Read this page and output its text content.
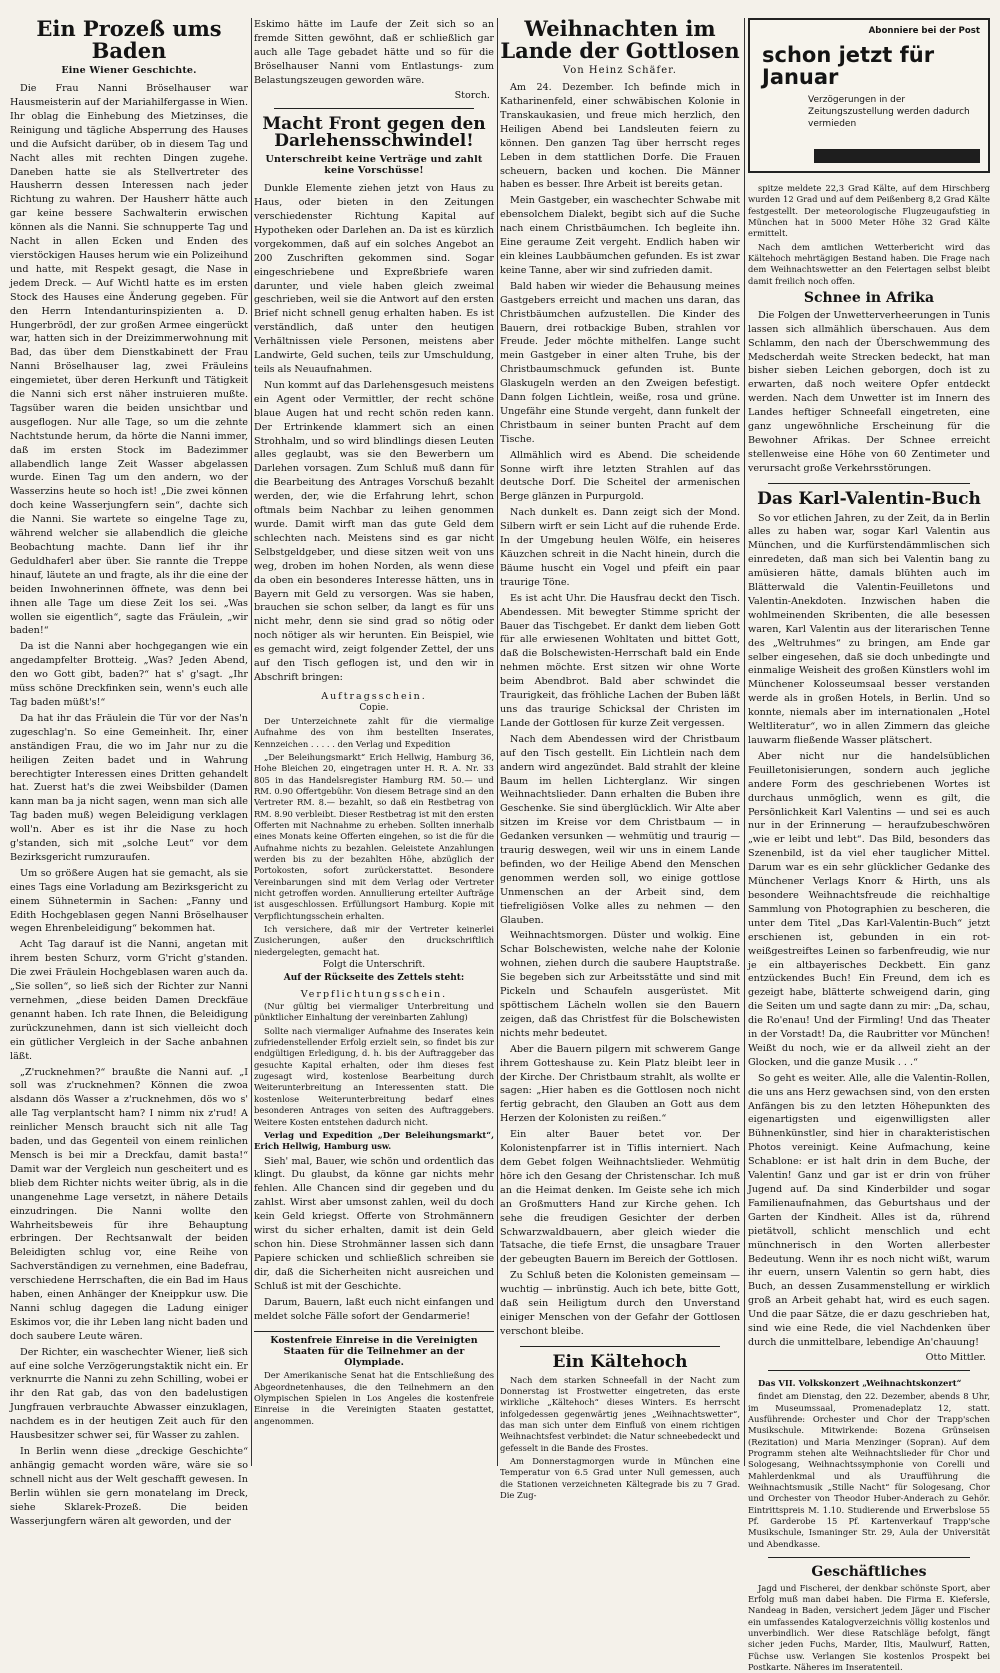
Ein Prozeß ums Baden
Eine Wiener Geschichte.

Die Frau Nanni Bröselhauser war Hausmeisterin auf der Mariahilfergasse in Wien. Ihr oblag die Einhebung des Mietzinses, die Reinigung und tägliche Absperrung des Hauses und die Aufsicht darüber, ob in diesem Tag und Nacht alles mit rechten Dingen zugehe. Daneben hatte sie als Stellvertreter des Hausherrn dessen Interessen nach jeder Richtung zu wahren. Der Hausherr hätte auch gar keine bessere Sachwalterin erwischen können als die Nanni. Sie schnupperte Tag und Nacht in allen Ecken und Enden des vierstöckigen Hauses herum wie ein Polizeihund und hatte, mit Respekt gesagt, die Nase in jedem Dreck. — Auf Wichtl hatte es im ersten Stock des Hauses eine Änderung gegeben. Für den Herrn Intendanturinspizienten a. D. Hungerbrödl, der zur großen Armee eingerückt war, hatten sich in der Dreizimmerwohnung mit Bad, das über dem Dienstkabinett der Frau Nanni Bröselhauser lag, zwei Fräuleins eingemietet, über deren Herkunft und Tätigkeit die Nanni sich erst näher instruieren mußte. Tagsüber waren die beiden unsichtbar und ausgeflogen. Nur alle Tage, so um die zehnte Nachtstunde herum, da hörte die Nanni immer, daß im ersten Stock im Badezimmer allabendlich lange Zeit Wasser abgelassen wurde. Einen Tag um den andern, wo der Wasserzins heute so hoch ist! „Die zwei können doch keine Wasserjungfern sein“, dachte sich die Nanni. Sie wartete so eingelne Tage zu, während welcher sie allabendlich die gleiche Beobachtung machte. Dann lief ihr ihr Geduldhaferl aber über. Sie rannte die Treppe hinauf, läutete an und fragte, als ihr die eine der beiden Inwohnerinnen öffnete, was denn bei ihnen alle Tage um diese Zeit los sei. „Was wollen sie eigentlich“, sagte das Fräulein, „wir baden!“

Da ist die Nanni aber hochgegangen wie ein angedampfelter Brotteig. „Was? Jeden Abend, den wo Gott gibt, baden?“ hat s' g'sagt. „Ihr müss schöne Dreckfinken sein, wenn's euch alle Tag baden müßt's!“

Da hat ihr das Fräulein die Tür vor der Nas'n zugeschlag'n. So eine Gemeinheit. Ihr, einer anständigen Frau, die wo im Jahr nur zu die heiligen Zeiten badet und in Wahrung berechtigter Interessen eines Dritten gehandelt hat. Zuerst hat's die zwei Weibsbilder (Damen kann man ba ja nicht sagen, wenn man sich alle Tag baden muß) wegen Beleidigung verklagen woll'n. Aber es ist ihr die Nase zu hoch g'standen, sich mit „solche Leut“ vor dem Bezirksgericht rumzuraufen.

Um so größere Augen hat sie gemacht, als sie eines Tags eine Vorladung am Bezirksgericht zu einem Sühnetermin in Sachen: „Fanny und Edith Hochgeblasen gegen Nanni Bröselhauser wegen Ehrenbeleidigung“ bekommen hat.

Acht Tag darauf ist die Nanni, angetan mit ihrem besten Schurz, vorm G'richt g'standen. Die zwei Fräulein Hochgeblasen waren auch da. „Sie sollen“, so ließ sich der Richter zur Nanni vernehmen, „diese beiden Damen Dreckfäue genannt haben. Ich rate Ihnen, die Beleidigung zurückzunehmen, dann ist sich vielleicht doch ein gütlicher Vergleich in der Sache anbahnen läßt.

„Z'rucknehmen?“ braußte die Nanni auf. „I soll was z'rucknehmen? Können die zwoa alsdann dös Wasser a z'rucknehmen, dös wo s' alle Tag verplantscht ham? I nimm nix z'rud! A reinlicher Mensch braucht sich nit alle Tag baden, und das Gegenteil von einem reinlichen Mensch is bei mir a Dreckfau, damit basta!“ Damit war der Vergleich nun gescheitert und es blieb dem Richter nichts weiter übrig, als in die unangenehme Lage versetzt, in nähere Details einzudringen. Die Nanni wollte den Wahrheitsbeweis für ihre Behauptung erbringen. Der Rechtsanwalt der beiden Beleidigten schlug vor, eine Reihe von Sachverständigen zu vernehmen, eine Badefrau, verschiedene Herrschaften, die ein Bad im Haus haben, einen Anhänger der Kneippkur usw. Die Nanni schlug dagegen die Ladung einiger Eskimos vor, die ihr Leben lang nicht baden und doch saubere Leute wären.

Der Richter, ein waschechter Wiener, ließ sich auf eine solche Verzögerungstaktik nicht ein. Er verknurrte die Nanni zu zehn Schilling, wobei er ihr den Rat gab, das von den badelustigen Jungfrauen verbrauchte Abwasser einzuklagen, nachdem es in der heutigen Zeit auch für den Hausbesitzer schwer sei, für Wasser zu zahlen.

In Berlin wenn diese „dreckige Geschichte“ anhängig gemacht worden wäre, wäre sie so schnell nicht aus der Welt geschafft gewesen. In Berlin wühlen sie gern monatelang im Dreck, siehe Sklarek-Prozeß. Die beiden Wasserjungfern wären alt geworden, und der

Eskimo hätte im Laufe der Zeit sich so an fremde Sitten gewöhnt, daß er schließlich gar auch alle Tage gebadet hätte und so für die Bröselhauser Nanni vom Entlastungs- zum Belastungszeugen geworden wäre.

Storch.
Macht Front gegen den Darlehensschwindel!
Unterschreibt keine Verträge und zahlt keine Vorschüsse!

Dunkle Elemente ziehen jetzt von Haus zu Haus, oder bieten in den Zeitungen verschiedenster Richtung Kapital auf Hypotheken oder Darlehen an. Da ist es kürzlich vorgekommen, daß auf ein solches Angebot an 200 Zuschriften gekommen sind. Sogar eingeschriebene und Expreßbriefe waren darunter, und viele haben gleich zweimal geschrieben, weil sie die Antwort auf den ersten Brief nicht schnell genug erhalten haben. Es ist verständlich, daß unter den heutigen Verhältnissen viele Personen, meistens aber Landwirte, Geld suchen, teils zur Umschuldung, teils als Neuaufnahmen.

Nun kommt auf das Darlehensgesuch meistens ein Agent oder Vermittler, der recht schöne blaue Augen hat und recht schön reden kann. Der Ertrinkende klammert sich an einen Strohhalm, und so wird blindlings diesen Leuten alles geglaubt, was sie den Bewerbern um Darlehen vorsagen. Zum Schluß muß dann für die Bearbeitung des Antrages Vorschuß bezahlt werden, der, wie die Erfahrung lehrt, schon oftmals beim Nachbar zu leihen genommen wurde. Damit wirft man das gute Geld dem schlechten nach. Meistens sind es gar nicht Selbstgeldgeber, und diese sitzen weit von uns weg, droben im hohen Norden, als wenn diese da oben ein besonderes Interesse hätten, uns in Bayern mit Geld zu versorgen. Was sie haben, brauchen sie schon selber, da langt es für uns nicht mehr, denn sie sind grad so nötig oder noch nötiger als wir herunten. Ein Beispiel, wie es gemacht wird, zeigt folgender Zettel, der uns auf den Tisch geflogen ist, und den wir in Abschrift bringen:

Auftragsschein.
Copie.

Der Unterzeichnete zahlt für die viermalige Aufnahme des von ihm bestellten Inserates, Kennzeichen . . . . . den Verlag und Expedition

„Der Beleihungsmarkt“ Erich Hellwig, Hamburg 36, Hohe Bleichen 20, eingetragen unter H. R. A. Nr. 33 805 in das Handelsregister Hamburg RM. 50.— und RM. 0.90 Offertgebühr. Von diesem Betrage sind an den Vertreter RM. 8.— bezahlt, so daß ein Restbetrag von RM. 8.90 verbleibt. Dieser Restbetrag ist mit den ersten Offerten mit Nachnahme zu erheben. Sollten innerhalb eines Monats keine Offerten eingehen, so ist die für die Aufnahme nichts zu bezahlen. Geleistete Anzahlungen werden bis zu der bezahlten Höhe, abzüglich der Portokosten, sofort zurückerstattet. Besondere Vereinbarungen sind mit dem Verlag oder Vertreter nicht getroffen worden. Annullierung erteilter Aufträge ist ausgeschlossen. Erfüllungsort Hamburg. Kopie mit Verpflichtungsschein erhalten.

Ich versichere, daß mir der Vertreter keinerlei Zusicherungen, außer den druckschriftlich niedergelegten, gemacht hat.

Folgt die Unterschrift.
Auf der Rückseite des Zettels steht:
Verpflichtungsschein.

(Nur gültig bei viermaliger Unterbreitung und pünktlicher Einhaltung der vereinbarten Zahlung)

Sollte nach viermaliger Aufnahme des Inserates kein zufriedenstellender Erfolg erzielt sein, so findet bis zur endgültigen Erledigung, d. h. bis der Auftraggeber das gesuchte Kapital erhalten, oder ihm dieses fest zugesagt wird, kostenlose Bearbeitung durch Weiterunterbreitung an Interessenten statt. Die kostenlose Weiterunterbreitung bedarf eines besonderen Antrages von seiten des Auftraggebers. Weitere Kosten entstehen dadurch nicht.

Verlag und Expedition „Der Beleihungsmarkt“, Erich Hellwig, Hamburg usw.

Sieh' mal, Bauer, wie schön und ordentlich das klingt. Du glaubst, da könne gar nichts mehr fehlen. Alle Chancen sind dir gegeben und du zahlst. Wirst aber umsonst zahlen, weil du doch kein Geld kriegst. Offerte von Strohmännern wirst du sicher erhalten, damit ist dein Geld schon hin. Diese Strohmänner lassen sich dann Papiere schicken und schließlich schreiben sie dir, daß die Sicherheiten nicht ausreichen und Schluß ist mit der Geschichte.

Darum, Bauern, laßt euch nicht einfangen und meldet solche Fälle sofort der Gendarmerie!

Kostenfreie Einreise in die Vereinigten Staaten für die Teilnehmer an der Olympiade.

Der Amerikanische Senat hat die Entschließung des Abgeordnetenhauses, die den Teilnehmern an den Olympischen Spielen in Los Angeles die kostenfreie Einreise in die Vereinigten Staaten gestattet, angenommen.

Weihnachten im Lande der Gottlosen
Von Heinz Schäfer.

Am 24. Dezember. Ich befinde mich in Katharinenfeld, einer schwäbischen Kolonie in Transkaukasien, und freue mich herzlich, den Heiligen Abend bei Landsleuten feiern zu können. Den ganzen Tag über herrscht reges Leben in dem stattlichen Dorfe. Die Frauen scheuern, backen und kochen. Die Männer haben es besser. Ihre Arbeit ist bereits getan.

Mein Gastgeber, ein waschechter Schwabe mit ebensolchem Dialekt, begibt sich auf die Suche nach einem Christbäumchen. Ich begleite ihn. Eine geraume Zeit vergeht. Endlich haben wir ein kleines Laubbäumchen gefunden. Es ist zwar keine Tanne, aber wir sind zufrieden damit.

Bald haben wir wieder die Behausung meines Gastgebers erreicht und machen uns daran, das Christbäumchen aufzustellen. Die Kinder des Bauern, drei rotbackige Buben, strahlen vor Freude. Jeder möchte mithelfen. Lange sucht mein Gastgeber in einer alten Truhe, bis der Christbaumschmuck gefunden ist. Bunte Glaskugeln werden an den Zweigen befestigt. Dann folgen Lichtlein, weiße, rosa und grüne. Ungefähr eine Stunde vergeht, dann funkelt der Christbaum in seiner bunten Pracht auf dem Tische.

Allmählich wird es Abend. Die scheidende Sonne wirft ihre letzten Strahlen auf das deutsche Dorf. Die Scheitel der armenischen Berge glänzen in Purpurgold.

Nach dunkelt es. Dann zeigt sich der Mond. Silbern wirft er sein Licht auf die ruhende Erde. In der Umgebung heulen Wölfe, ein heiseres Käuzchen schreit in die Nacht hinein, durch die Bäume huscht ein Vogel und pfeift ein paar traurige Töne.

Es ist acht Uhr. Die Hausfrau deckt den Tisch. Abendessen. Mit bewegter Stimme spricht der Bauer das Tischgebet. Er dankt dem lieben Gott für alle erwiesenen Wohltaten und bittet Gott, daß die Bolschewisten-Herrschaft bald ein Ende nehmen möchte. Erst sitzen wir ohne Worte beim Abendbrot. Bald aber schwindet die Traurigkeit, das fröhliche Lachen der Buben läßt uns das traurige Schicksal der Christen im Lande der Gottlosen für kurze Zeit vergessen.

Nach dem Abendessen wird der Christbaum auf den Tisch gestellt. Ein Lichtlein nach dem andern wird angezündet. Bald strahlt der kleine Baum im hellen Lichterglanz. Wir singen Weihnachtslieder. Dann erhalten die Buben ihre Geschenke. Sie sind überglücklich. Wir Alte aber sitzen im Kreise vor dem Christbaum — in Gedanken versunken — wehmütig und traurig — traurig deswegen, weil wir uns in einem Lande befinden, wo der Heilige Abend den Menschen genommen werden soll, wo einige gottlose Unmenschen an der Arbeit sind, dem tiefreligiösen Volke alles zu nehmen — den Glauben.

Weihnachtsmorgen. Düster und wolkig. Eine Schar Bolschewisten, welche nahe der Kolonie wohnen, ziehen durch die saubere Hauptstraße. Sie begeben sich zur Arbeitsstätte und sind mit Pickeln und Schaufeln ausgerüstet. Mit spöttischem Lächeln wollen sie den Bauern zeigen, daß das Christfest für die Bolschewisten nichts mehr bedeutet.

Aber die Bauern pilgern mit schwerem Gange ihrem Gotteshause zu. Kein Platz bleibt leer in der Kirche. Der Christbaum strahlt, als wollte er sagen: „Hier haben es die Gottlosen noch nicht fertig gebracht, den Glauben an Gott aus dem Herzen der Kolonisten zu reißen.“

Ein alter Bauer betet vor. Der Kolonistenpfarrer ist in Tiflis interniert. Nach dem Gebet folgen Weihnachtslieder. Wehmütig höre ich den Gesang der Christenschar. Ich muß an die Heimat denken. Im Geiste sehe ich mich an Großmutters Hand zur Kirche gehen. Ich sehe die freudigen Gesichter der derben Schwarzwaldbauern, aber gleich wieder die Tatsache, die tiefe Ernst, die unsagbare Trauer der gebeugten Bauern im Bereich der Gottlosen.

Zu Schluß beten die Kolonisten gemeinsam — wuchtig — inbrünstig. Auch ich bete, bitte Gott, daß sein Heiligtum durch den Unverstand einiger Menschen von der Gefahr der Gottlosen verschont bleibe.

Ein Kältehoch

Nach dem starken Schneefall in der Nacht zum Donnerstag ist Frostwetter eingetreten, das erste wirkliche „Kältehoch“ dieses Winters. Es herrscht infolgedessen gegenwärtig jenes „Weihnachtswetter“, das man sich unter dem Einfluß von einem richtigen Weihnachtsfest verbindet: die Natur schneebedeckt und gefesselt in die Bande des Frostes.

Am Donnerstagmorgen wurde in München eine Temperatur von 6.5 Grad unter Null gemessen, auch die Stationen verzeichneten Kältegrade bis zu 7 Grad. Die Zug-

Abonniere bei der Post
schon jetzt für Januar
Verzögerungen in der Zeitungszustellung werden dadurch vermieden

spitze meldete 22,3 Grad Kälte, auf dem Hirschberg wurden 12 Grad und auf dem Peißenberg 8,2 Grad Kälte festgestellt. Der meteorologische Flugzeugaufstieg in München hat in 5000 Meter Höhe 32 Grad Kälte ermittelt.

Nach dem amtlichen Wetterbericht wird das Kältehoch mehrtägigen Bestand haben. Die Frage nach dem Weihnachtswetter an den Feiertagen selbst bleibt damit freilich noch offen.

Schnee in Afrika

Die Folgen der Unwetterverheerungen in Tunis lassen sich allmählich überschauen. Aus dem Schlamm, den nach der Überschwemmung des Medscherdah weite Strecken bedeckt, hat man bisher sieben Leichen geborgen, doch ist zu erwarten, daß noch weitere Opfer entdeckt werden. Nach dem Unwetter ist im Innern des Landes heftiger Schneefall eingetreten, eine ganz ungewöhnliche Erscheinung für die Bewohner Afrikas. Der Schnee erreicht stellenweise eine Höhe von 60 Zentimeter und verursacht große Verkehrsstörungen.

Das Karl-Valentin-Buch

So vor etlichen Jahren, zu der Zeit, da in Berlin alles zu haben war, sogar Karl Valentin aus München, und die Kurfürstendämmlischen sich einredeten, daß man sich bei Valentin bang zu amüsieren hätte, damals blühten auch im Blätterwald die Valentin-Feuilletons und Valentin-Anekdoten. Inzwischen haben die wohlmeinenden Skribenten, die alle besessen waren, Karl Valentin aus der literarischen Tenne des „Weltruhmes“ zu bringen, am Ende gar selber eingesehen, daß sie doch unbedingte und einmalige Weisheit des großen Künstlers wohl im Münchener Kolosseumsaal besser verstanden werde als in großen Hotels, in Berlin. Und so konnte, niemals aber im internationalen „Hotel Weltliteratur“, wo in allen Zimmern das gleiche lauwarm fließende Wasser plätschert.

Aber nicht nur die handelsüblichen Feuilletonisierungen, sondern auch jegliche andere Form des geschriebenen Wortes ist durchaus unmöglich, wenn es gilt, die Persönlichkeit Karl Valentins — und sei es auch nur in der Erinnerung — heraufzubeschwören „wie er leibt und lebt“. Das Bild, besonders das Szenenbild, ist da viel eher tauglicher Mittel. Darum war es ein sehr glücklicher Gedanke des Münchener Verlags Knorr & Hirth, uns als besondere Weihnachtsfreude die reichhaltige Sammlung von Photographien zu bescheren, die unter dem Titel „Das Karl-Valentin-Buch“ jetzt erschienen ist, gebunden in ein rot-weißgestreiftes Leinen so farbenfreudig, wie nur je ein altbayerisches Deckbett. Ein ganz entzückendes Buch! Ein Freund, dem ich es gezeigt habe, blätterte schweigend darin, ging die Seiten um und sagte dann zu mir: „Da, schau, die Ro'enau! Und der Firmling! Und das Theater in der Vorstadt! Da, die Raubritter vor München! Weißt du noch, wie er da allweil zieht an der Glocken, und die ganze Musik . . .“

So geht es weiter. Alle, alle die Valentin-Rollen, die uns ans Herz gewachsen sind, von den ersten Anfängen bis zu den letzten Höhepunkten des eigenartigsten und eigenwilligsten aller Bühnenkünstler, sind hier in charakteristischen Photos vereinigt. Keine Aufmachung, keine Schablone: er ist halt drin in dem Buche, der Valentin! Ganz und gar ist er drin von früher Jugend auf. Da sind Kinderbilder und sogar Familienaufnahmen, das Geburtshaus und der Garten der Kindheit. Alles ist da, rührend pietätvoll, schlicht menschlich und echt münchnerisch in den Worten allerbester Bedeutung. Wenn ihr es noch nicht wißt, warum ihr euern, unsern Valentin so gern habt, dies Buch, an dessen Zusammenstellung er wirklich groß an Arbeit gehabt hat, wird es euch sagen. Und die paar Sätze, die er dazu geschrieben hat, sind wie eine Rede, die viel Nachdenken über durch die unmittelbare, lebendige An'chauung!

Otto Mittler.

Das VII. Volkskonzert „Weihnachtskonzert“

findet am Dienstag, den 22. Dezember, abends 8 Uhr, im Museumssaal, Promenadeplatz 12, statt. Ausführende: Orchester und Chor der Trapp'schen Musikschule. Mitwirkende: Bozena Grünseisen (Rezitation) und Maria Menzinger (Sopran). Auf dem Programm stehen alte Weihnachtslieder für Chor und Sologesang, Weihnachtssymphonie von Corelli und Mahlerdenkmal und als Uraufführung die Weihnachtsmusik „Stille Nacht“ für Sologesang, Chor und Orchester von Theodor Huber-Anderach zu Gehör. Eintrittspreis M. 1.10. Studierende und Erwerbslose 55 Pf. Garderobe 15 Pf. Kartenverkauf Trapp'sche Musikschule, Ismaninger Str. 29, Aula der Universität und Abendkasse.

Geschäftliches

Jagd und Fischerei, der denkbar schönste Sport, aber Erfolg muß man dabei haben. Die Firma E. Kiefersle, Nandeag in Baden, versichert jedem Jäger und Fischer ein umfassendes Katalogverzeichnis völlig kostenlos und unverbindlich. Wer diese Ratschläge befolgt, fängt sicher jeden Fuchs, Marder, Iltis, Maulwurf, Ratten, Füchse usw. Verlangen Sie kostenlos Prospekt bei Postkarte. Näheres im Inseratenteil.
